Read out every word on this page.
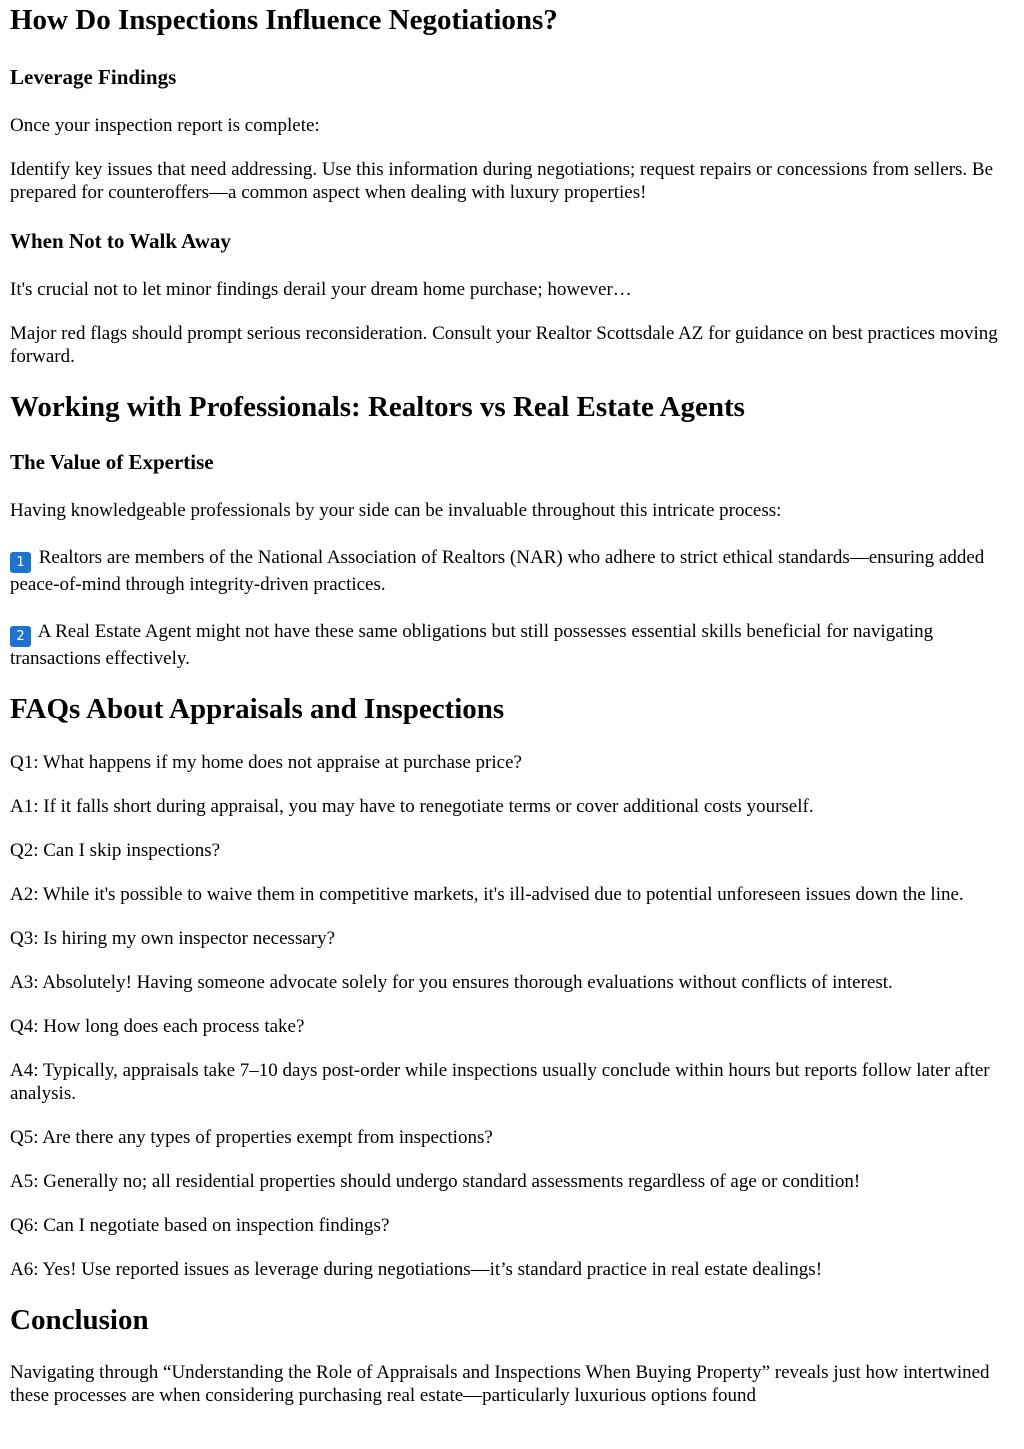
How Do Inspections Influence Negotiations?
Leverage Findings

Once your inspection report is complete:

Identify key issues that need addressing. Use this information during negotiations; request repairs or concessions from sellers. Be prepared for counteroffers—a common aspect when dealing with luxury properties!

When Not to Walk Away

It's crucial not to let minor findings derail your dream home purchase; however…

Major red flags should prompt serious reconsideration. Consult your Realtor Scottsdale AZ for guidance on best practices moving forward.

Working with Professionals: Realtors vs Real Estate Agents
The Value of Expertise

Having knowledgeable professionals by your side can be invaluable throughout this intricate process:

1 Realtors are members of the National Association of Realtors (NAR) who adhere to strict ethical standards—ensuring added peace-of-mind through integrity-driven practices.

2 A Real Estate Agent might not have these same obligations but still possesses essential skills beneficial for navigating transactions effectively.

FAQs About Appraisals and Inspections

Q1: What happens if my home does not appraise at purchase price?

A1: If it falls short during appraisal, you may have to renegotiate terms or cover additional costs yourself.

Q2: Can I skip inspections?

A2: While it's possible to waive them in competitive markets, it's ill-advised due to potential unforeseen issues down the line.

Q3: Is hiring my own inspector necessary?

A3: Absolutely! Having someone advocate solely for you ensures thorough evaluations without conflicts of interest.

Q4: How long does each process take?

A4: Typically, appraisals take 7–10 days post-order while inspections usually conclude within hours but reports follow later after analysis.

Q5: Are there any types of properties exempt from inspections?

A5: Generally no; all residential properties should undergo standard assessments regardless of age or condition!

Q6: Can I negotiate based on inspection findings?

A6: Yes! Use reported issues as leverage during negotiations—it’s standard practice in real estate dealings!

Conclusion

Navigating through “Understanding the Role of Appraisals and Inspections When Buying Property” reveals just how intertwined these processes are when considering purchasing real estate—particularly luxurious options found
